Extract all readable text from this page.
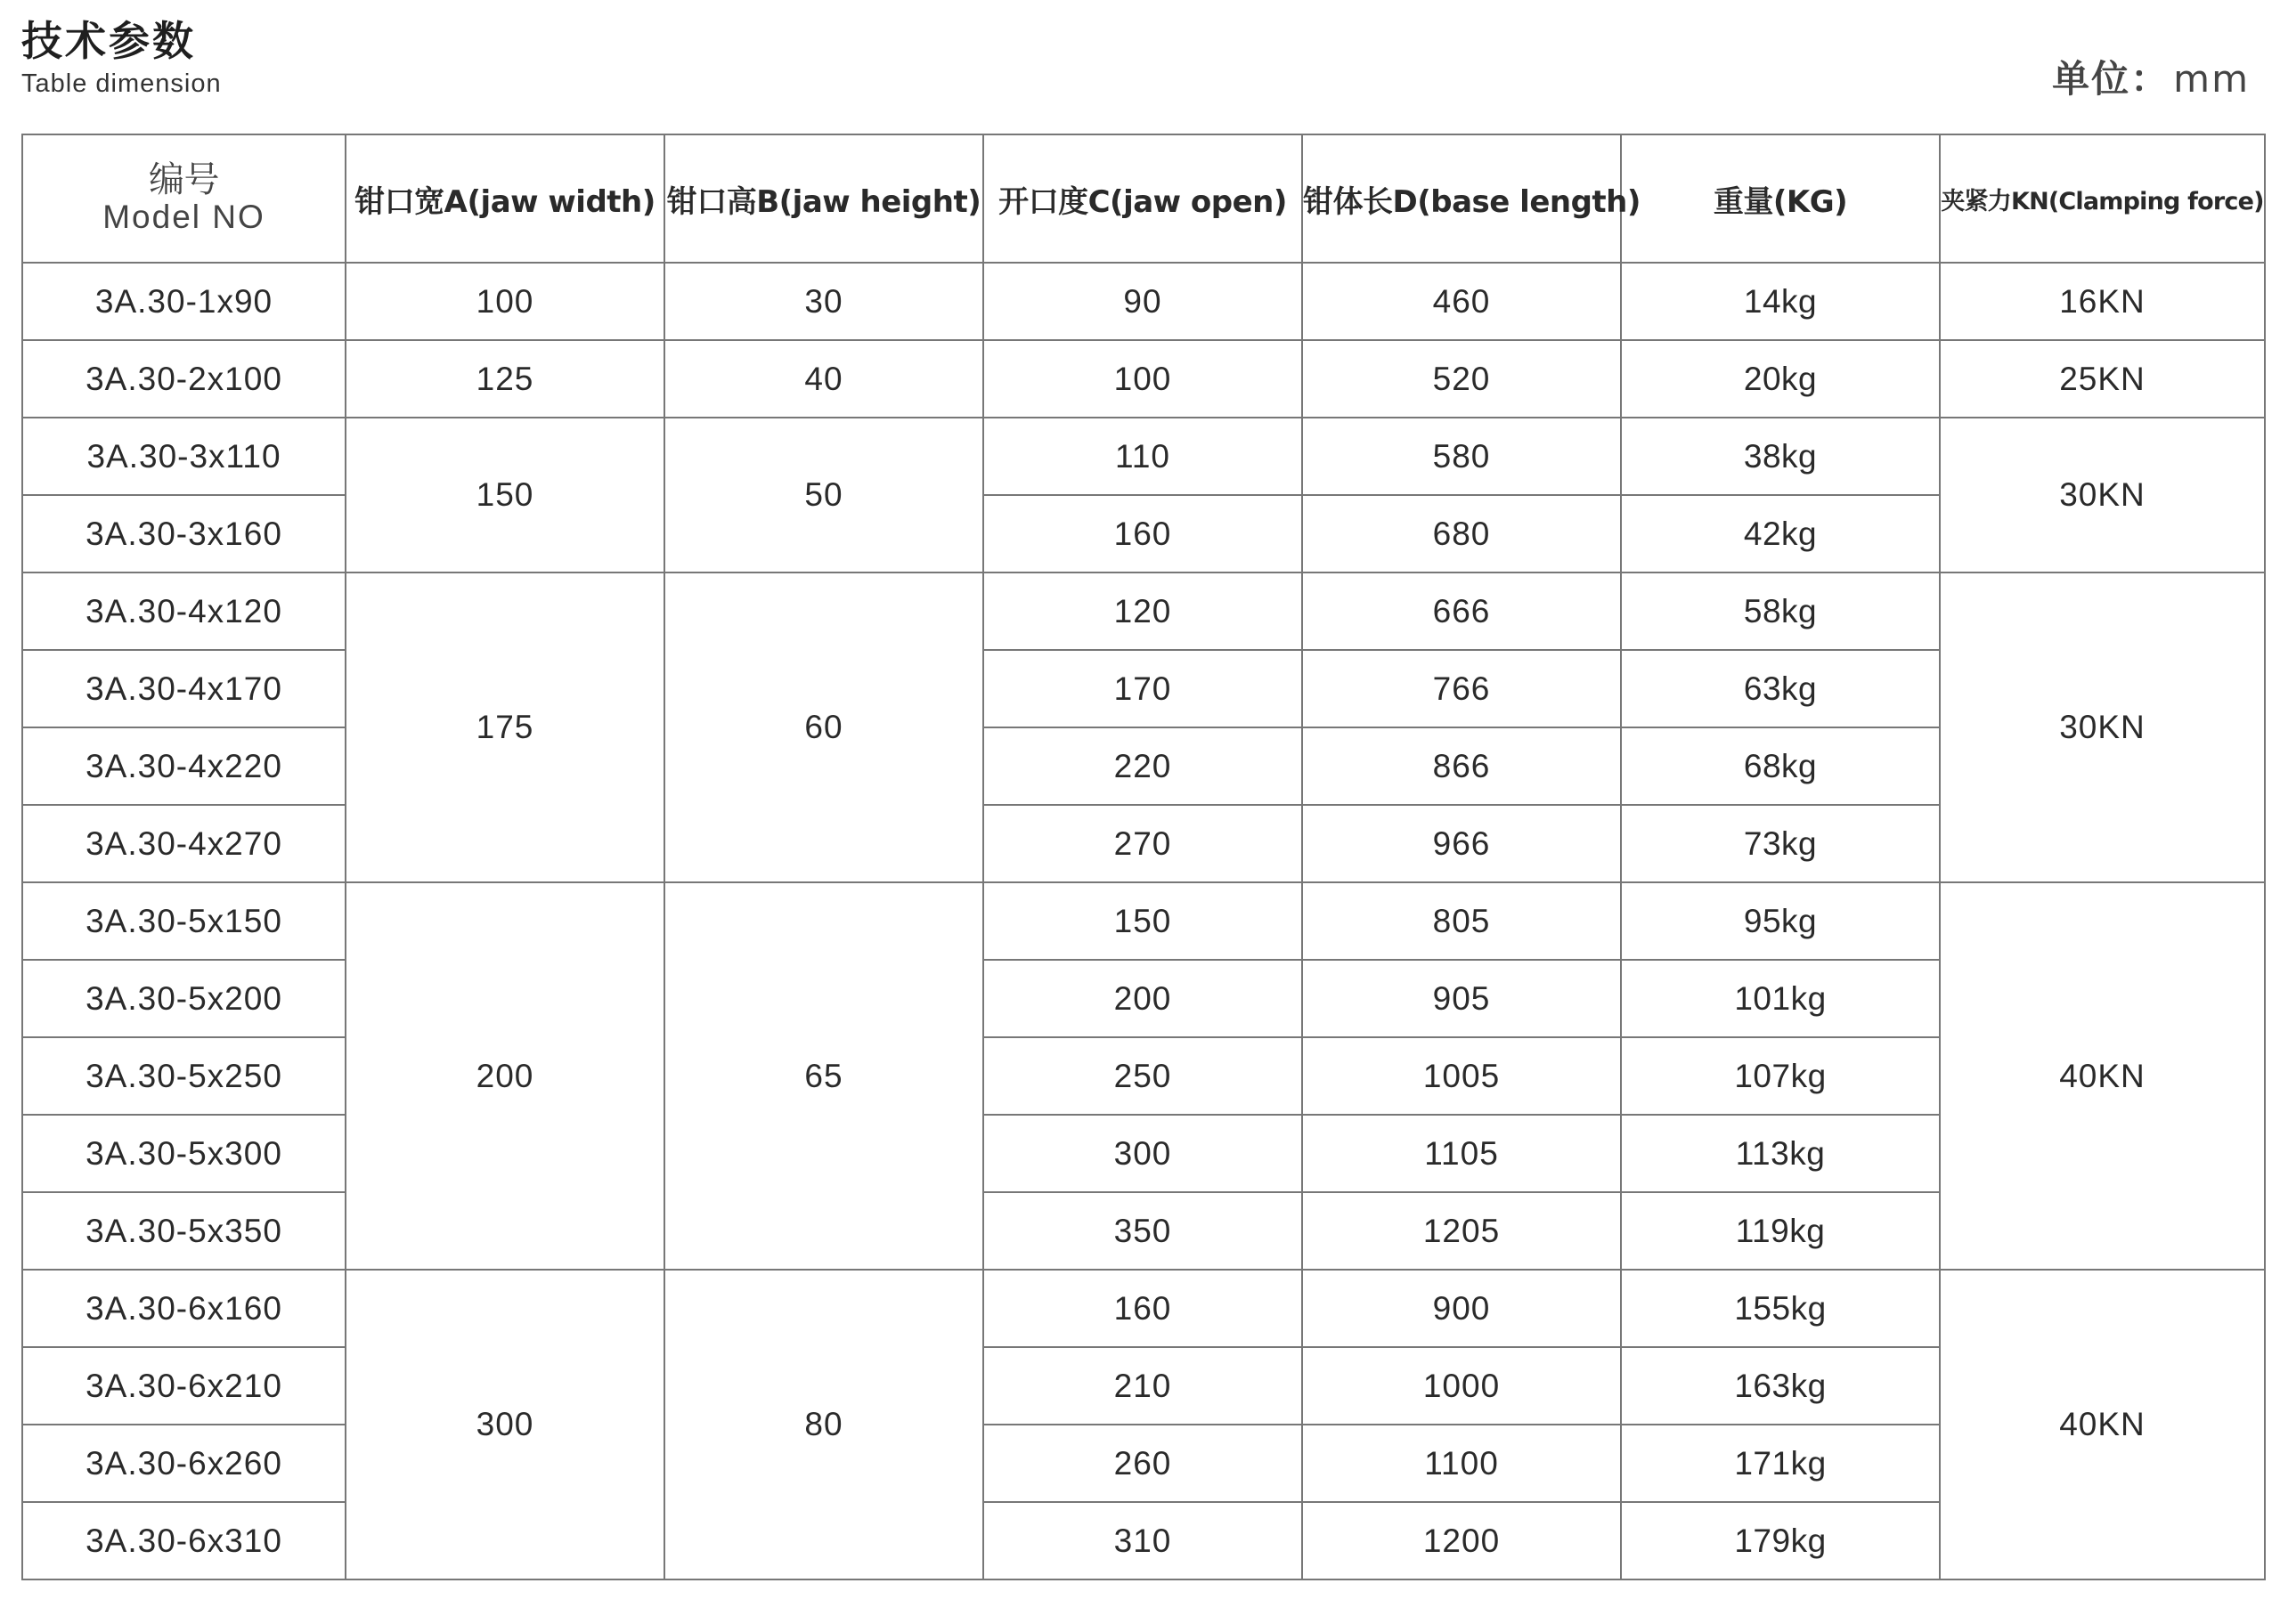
技术参数
Table dimension	单位：mm
编号
Model NO	钳口宽A(jaw width)	钳口高B(jaw height)	开口度C(jaw open)	钳体长D(base length)	重量(KG)	夹紧力KN(Clamping force)
3A.30-1x90	100	30	90	460	14kg	16KN
3A.30-2x100	125	40	100	520	20kg	25KN
3A.30-3x110	150	50	110	580	38kg	30KN
3A.30-3x160			160	680	42kg	
3A.30-4x120	175	60	120	666	58kg	30KN
3A.30-4x170			170	766	63kg	
3A.30-4x220			220	866	68kg	
3A.30-4x270			270	966	73kg	
3A.30-5x150	200	65	150	805	95kg	40KN
3A.30-5x200			200	905	101kg	
3A.30-5x250			250	1005	107kg	
3A.30-5x300			300	1105	113kg	
3A.30-5x350			350	1205	119kg	
3A.30-6x160	300	80	160	900	155kg	40KN
3A.30-6x210			210	1000	163kg	
3A.30-6x260			260	1100	171kg	
3A.30-6x310			310	1200	179kg	
